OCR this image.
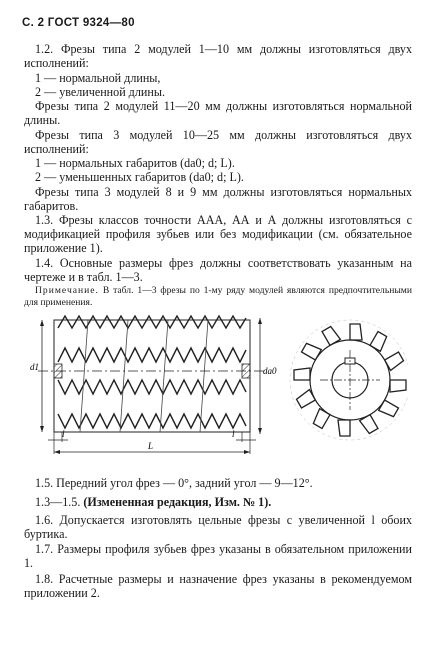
С. 2 ГОСТ 9324—80

1.2. Фрезы типа 2 модулей 1—10 мм должны изготовляться двух исполнений:

1 — нормальной длины,
2 — увеличенной длины.

Фрезы типа 2 модулей 11—20 мм должны изготовляться нормальной длины.

Фрезы типа 3 модулей 10—25 мм должны изготовляться двух исполнений:

1 — нормальных габаритов (dа0; d; L).
2 — уменьшенных габаритов (dа0; d; L).

Фрезы типа 3 модулей 8 и 9 мм должны изготовляться нормальных габаритов.

1.3. Фрезы классов точности ААА, АА и А должны изготовляться с модификацией профиля зубьев или без модификации (см. обязательное приложение 1).

1.4. Основные размеры фрез должны соответствовать указанным на чертеже и в табл. 1—3.

Примечание. В табл. 1—3 фрезы по 1-му ряду модулей являются предпочтительными для применения.
d1	da0
l
L
l

1.5. Передний угол фрез — 0°, задний угол — 9—12°.

1.3—1.5. (Измененная редакция, Изм. № 1).

1.6. Допускается изготовлять цельные фрезы с увеличенной l обоих буртика.

1.7. Размеры профиля зубьев фрез указаны в обязательном приложении 1.

1.8. Расчетные размеры и назначение фрез указаны в рекомендуемом приложении 2.
